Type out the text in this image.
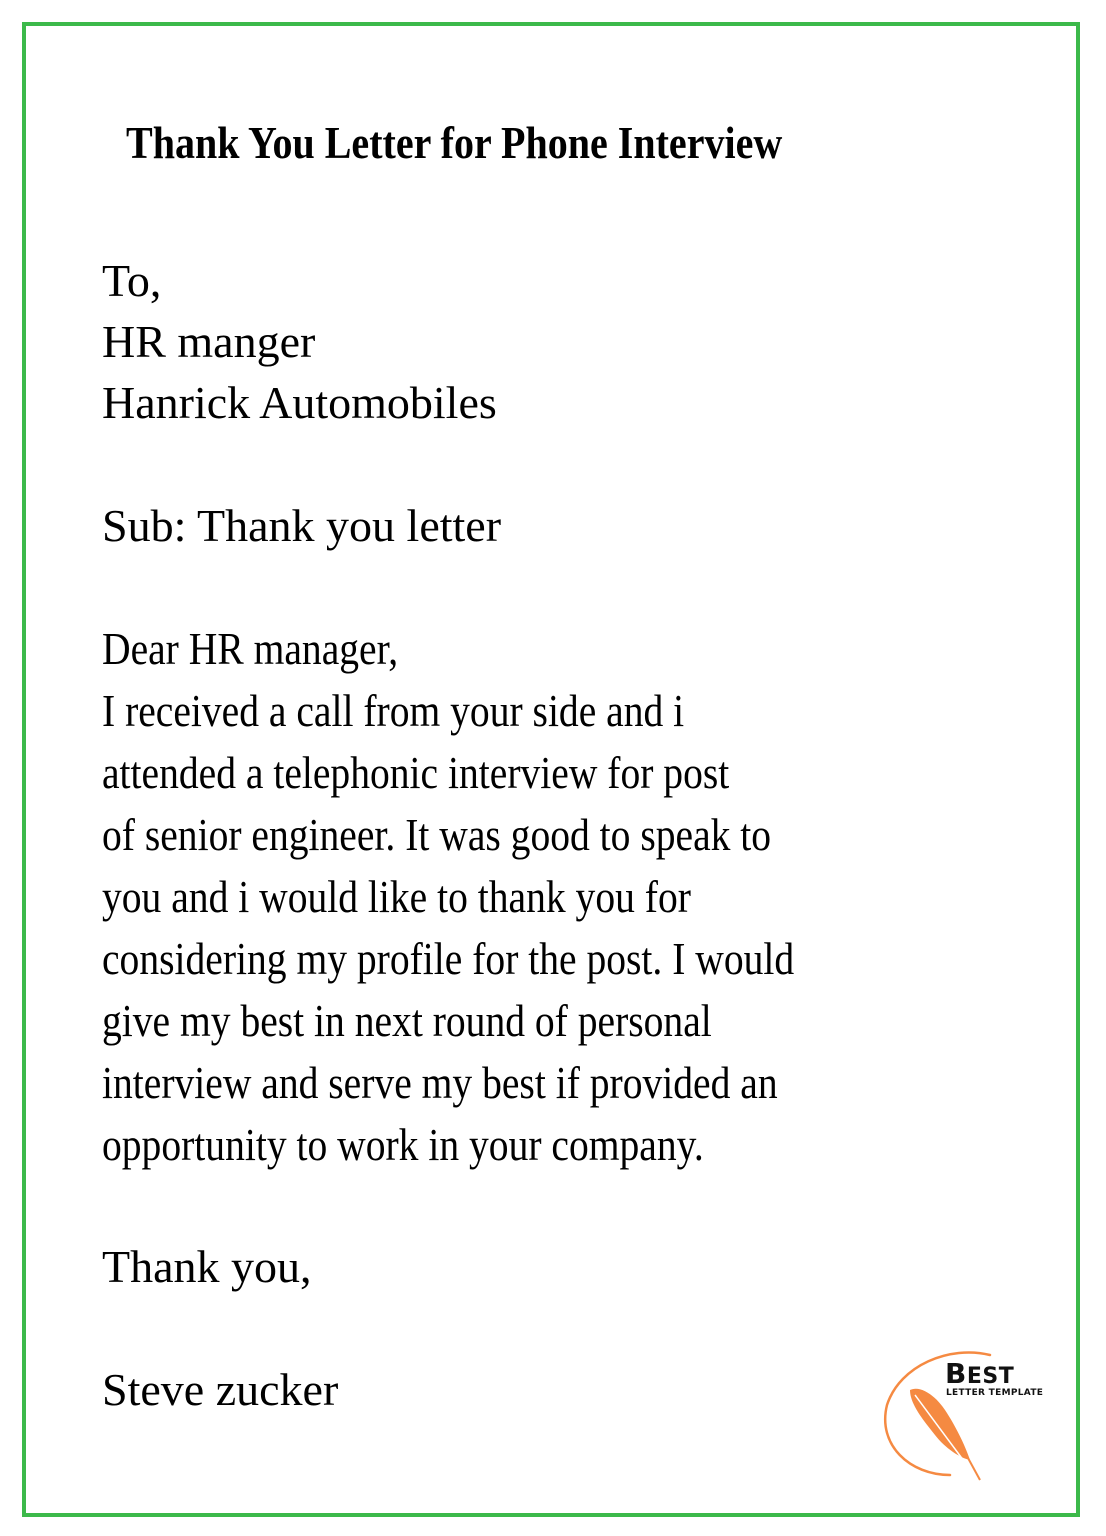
Thank You Letter for Phone Interview
To,
HR manger
Hanrick Automobiles
Sub: Thank you letter
Dear HR manager,
I received a call from your side and i
attended a telephonic interview for post
of senior engineer. It was good to speak to
you and i would like to thank you for
considering my profile for the post. I would
give my best in next round of personal
interview and serve my best if provided an
opportunity to work in your company.
Thank you,
Steve zucker	BEST
LETTER TEMPLATE
